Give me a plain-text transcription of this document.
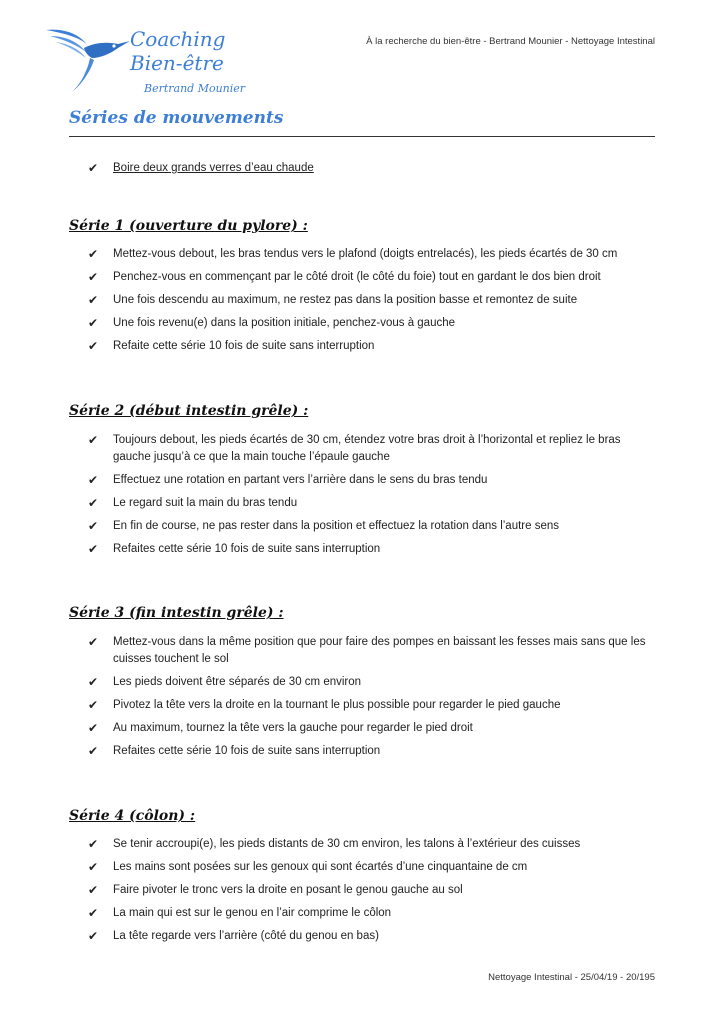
Coaching
Bien-être
Bertrand Mounier
À la recherche du bien-être - Bertrand Mounier - Nettoyage Intestinal
Séries de mouvements
✔ Boire deux grands verres d’eau chaude
Série 1 (ouverture du pylore) :
✔ Mettez-vous debout, les bras tendus vers le plafond (doigts entrelacés), les pieds écartés de 30 cm
✔ Penchez-vous en commençant par le côté droit (le côté du foie) tout en gardant le dos bien droit
✔ Une fois descendu au maximum, ne restez pas dans la position basse et remontez de suite
✔ Une fois revenu(e) dans la position initiale, penchez-vous à gauche
✔ Refaite cette série 10 fois de suite sans interruption
Série 2 (début intestin grêle) :
✔ Toujours debout, les pieds écartés de 30 cm, étendez votre bras droit à l’horizontal et repliez le bras gauche jusqu’à ce que la main touche l’épaule gauche
✔ Effectuez une rotation en partant vers l’arrière dans le sens du bras tendu
✔ Le regard suit la main du bras tendu
✔ En fin de course, ne pas rester dans la position et effectuez la rotation dans l’autre sens
✔ Refaites cette série 10 fois de suite sans interruption
Série 3 (fin intestin grêle) :
✔ Mettez-vous dans la même position que pour faire des pompes en baissant les fesses mais sans que les cuisses touchent le sol
✔ Les pieds doivent être séparés de 30 cm environ
✔ Pivotez la tête vers la droite en la tournant le plus possible pour regarder le pied gauche
✔ Au maximum, tournez la tête vers la gauche pour regarder le pied droit
✔ Refaites cette série 10 fois de suite sans interruption
Série 4 (côlon) :
✔ Se tenir accroupi(e), les pieds distants de 30 cm environ, les talons à l’extérieur des cuisses
✔ Les mains sont posées sur les genoux qui sont écartés d’une cinquantaine de cm
✔ Faire pivoter le tronc vers la droite en posant le genou gauche au sol
✔ La main qui est sur le genou en l’air comprime le côlon
✔ La tête regarde vers l’arrière (côté du genou en bas)
Nettoyage Intestinal - 25/04/19 - 20/195
